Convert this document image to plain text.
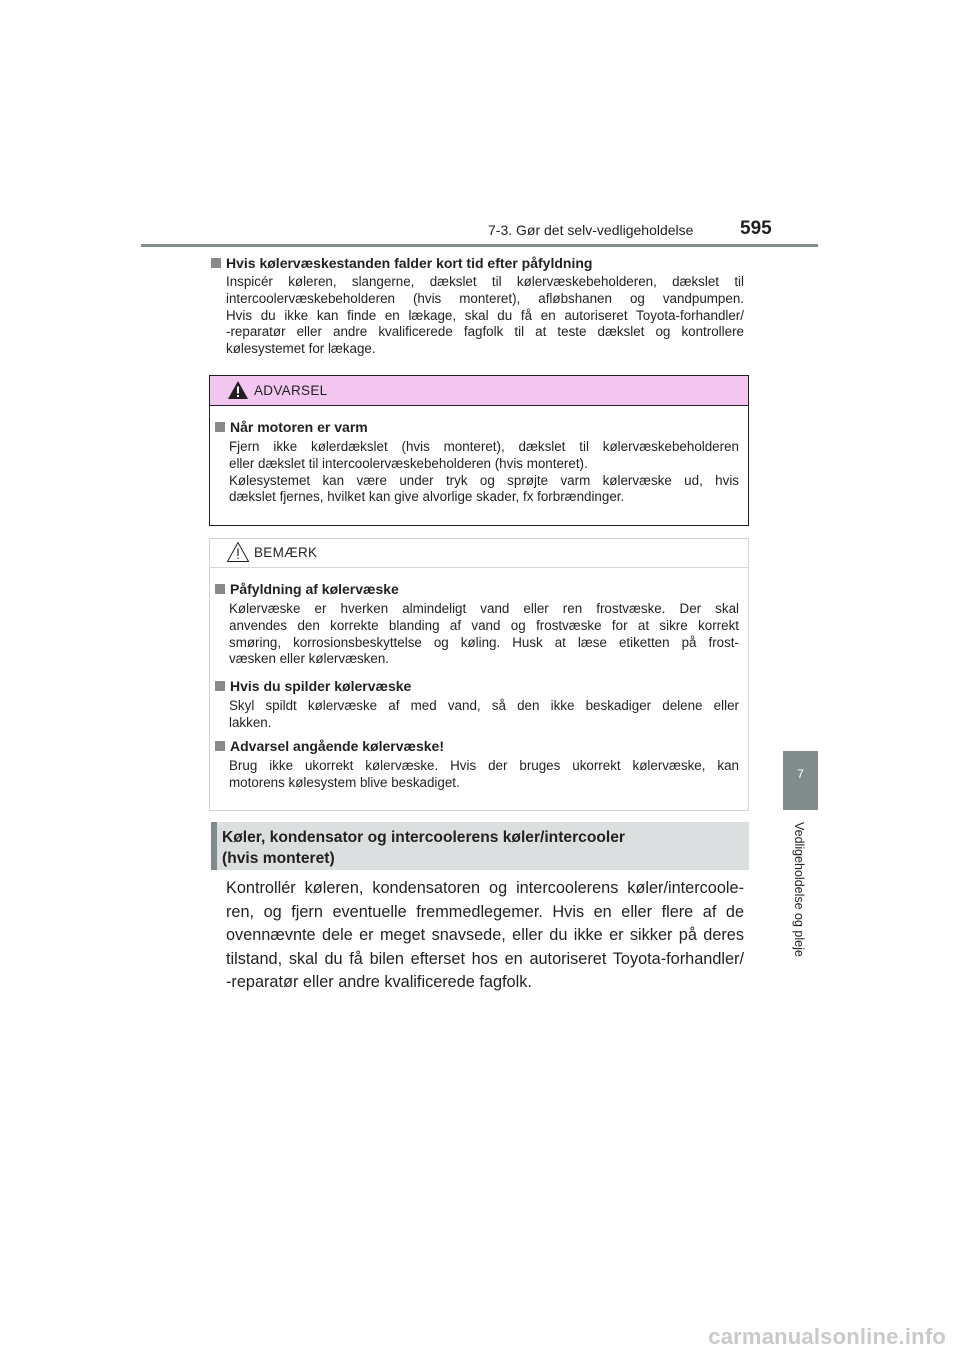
7-3. Gør det selv-vedligeholdelse 595
7
Vedligeholdelse og pleje
Hvis kølervæskestanden falder kort tid efter påfyldning
Inspicér køleren, slangerne, dækslet til kølervæskebeholderen, dækslet til
intercoolervæskebeholderen (hvis monteret), afløbshanen og vandpumpen.
Hvis du ikke kan finde en lækage, skal du få en autoriseret Toyota-forhandler/
-reparatør eller andre kvalificerede fagfolk til at teste dækslet og kontrollere
kølesystemet for lækage.
ADVARSEL
Når motoren er varm
Fjern ikke kølerdækslet (hvis monteret), dækslet til kølervæskebeholderen
eller dækslet til intercoolervæskebeholderen (hvis monteret).
Kølesystemet kan være under tryk og sprøjte varm kølervæske ud, hvis
dækslet fjernes, hvilket kan give alvorlige skader, fx forbrændinger.
BEMÆRK
Påfyldning af kølervæske
Kølervæske er hverken almindeligt vand eller ren frostvæske. Der skal
anvendes den korrekte blanding af vand og frostvæske for at sikre korrekt
smøring, korrosionsbeskyttelse og køling. Husk at læse etiketten på frost-
væsken eller kølervæsken.
Hvis du spilder kølervæske
Skyl spildt kølervæske af med vand, så den ikke beskadiger delene eller
lakken.
Advarsel angående kølervæske!
Brug ikke ukorrekt kølervæske. Hvis der bruges ukorrekt kølervæske, kan
motorens kølesystem blive beskadiget.
Køler, kondensator og intercoolerens køler/intercooler
(hvis monteret)
Kontrollér køleren, kondensatoren og intercoolerens køler/intercoole-
ren, og fjern eventuelle fremmedlegemer. Hvis en eller flere af de
ovennævnte dele er meget snavsede, eller du ikke er sikker på deres
tilstand, skal du få bilen efterset hos en autoriseret Toyota-forhandler/
-reparatør eller andre kvalificerede fagfolk.
carmanualsonline.info
